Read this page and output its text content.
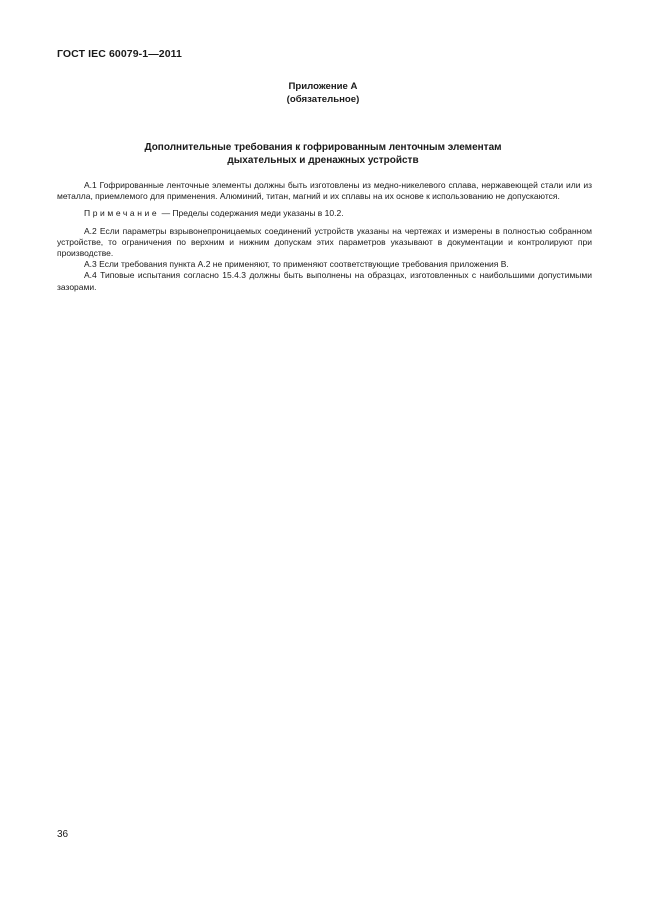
ГОСТ IEC 60079-1—2011
Приложение А
(обязательное)
Дополнительные требования к гофрированным ленточным элементам
дыхательных и дренажных устройств

А.1 Гофрированные ленточные элементы должны быть изготовлены из медно-никелевого сплава, нержавеющей стали или из металла, приемлемого для применения. Алюминий, титан, магний и их сплавы на их основе к использованию не допускаются.

Примечание — Пределы содержания меди указаны в 10.2.

А.2 Если параметры взрывонепроницаемых соединений устройств указаны на чертежах и измерены в полностью собранном устройстве, то ограничения по верхним и нижним допускам этих параметров указывают в документации и контролируют при производстве.

А.3 Если требования пункта А.2 не применяют, то применяют соответствующие требования приложения В.

А.4 Типовые испытания согласно 15.4.3 должны быть выполнены на образцах, изготовленных с наибольшими допустимыми зазорами.

36
